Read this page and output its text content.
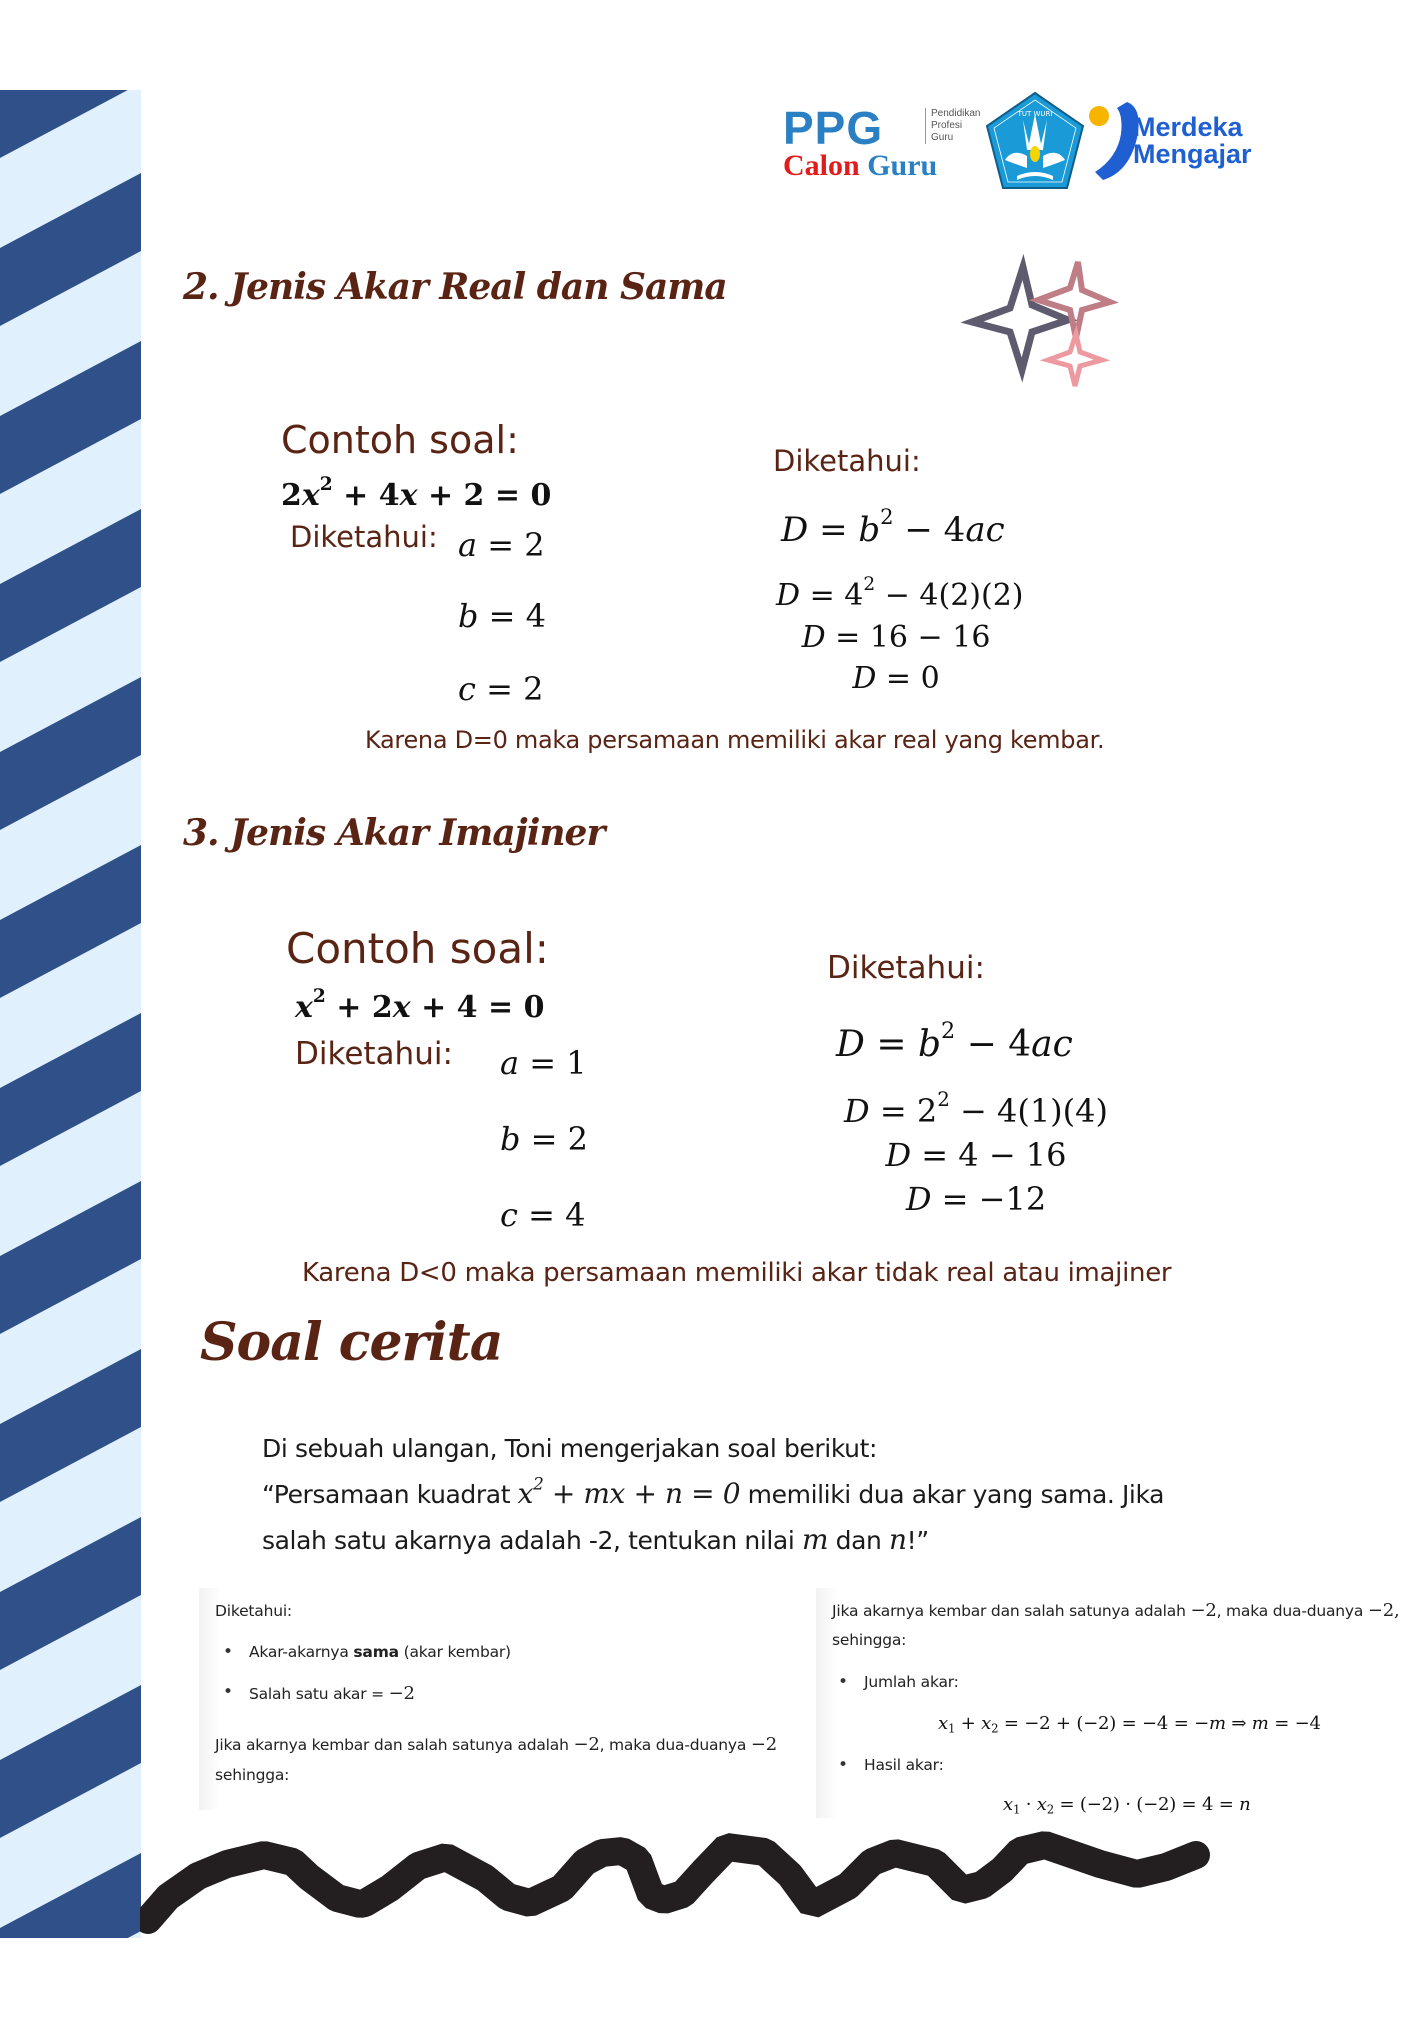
PPG	Pendidikan
Profesi
Guru
Calon Guru
TUT WURI	Merdeka
Mengajar
2. Jenis Akar Real dan Sama
Contoh soal:
$2x^2 + 4x + 2 = 0$
Diketahui: a = 2
b = 4
c = 2
Diketahui:
$D = b^2 - 4ac$
$D = 4^2 - 4(2)(2)$
D = 16 − 16
D = 0
Karena D=0 maka persamaan memiliki akar real yang kembar.
3. Jenis Akar Imajiner
Contoh soal:
$x^2 + 2x + 4 = 0$
Diketahui: a = 1
b = 2
c = 4
Diketahui:
$D = b^2 - 4ac$
$D = 2^2 - 4(1)(4)$
D = 4 − 16
D = −12
Karena D<0 maka persamaan memiliki akar tidak real atau imajiner
Soal cerita
Di sebuah ulangan, Toni mengerjakan soal berikut:
“Persamaan kuadrat $x^2$ + mx + n = 0 memiliki dua akar yang sama. Jika
salah satu akarnya adalah -2, tentukan nilai m dan n!”

Diketahui:

• Akar-akarnya sama (akar kembar)
• Salah satu akar = −2

Jika akarnya kembar dan salah satunya adalah −2, maka dua-duanya −2

sehingga:

Jika akarnya kembar dan salah satunya adalah −2, maka dua-duanya −2,

sehingga:

• Jumlah akar:
$x_1 + x_2 = -2 + (-2) = -4 = -m$ ⇒ m = −4
• Hasil akar:
$x_1 \cdot x_2 = (-2) \cdot (-2) = 4 = n$
